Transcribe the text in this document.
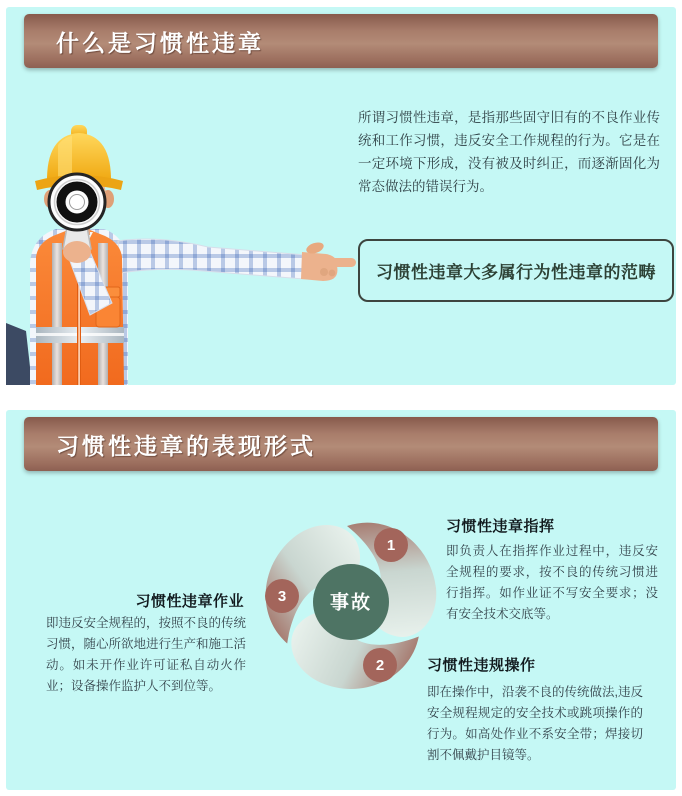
什么是习惯性违章
所谓习惯性违章，是指那些固守旧有的不良作业传统和工作习惯，违反安全工作规程的行为。它是在一定环境下形成，没有被及时纠正，而逐渐固化为常态做法的错误行为。
习惯性违章大多属行为性违章的范畴
习惯性违章的表现形式
事故
1
2
3
习惯性违章指挥
即负责人在指挥作业过程中，违反安全规程的要求，按不良的传统习惯进行指挥。如作业证不写安全要求；没有安全技术交底等。
习惯性违规操作
即在操作中，沿袭不良的传统做法,违反安全规程规定的安全技术或跳项操作的行为。如高处作业不系安全带；焊接切割不佩戴护目镜等。
习惯性违章作业
即违反安全规程的，按照不良的传统习惯，随心所欲地进行生产和施工活动。如未开作业许可证私自动火作业；设备操作监护人不到位等。
